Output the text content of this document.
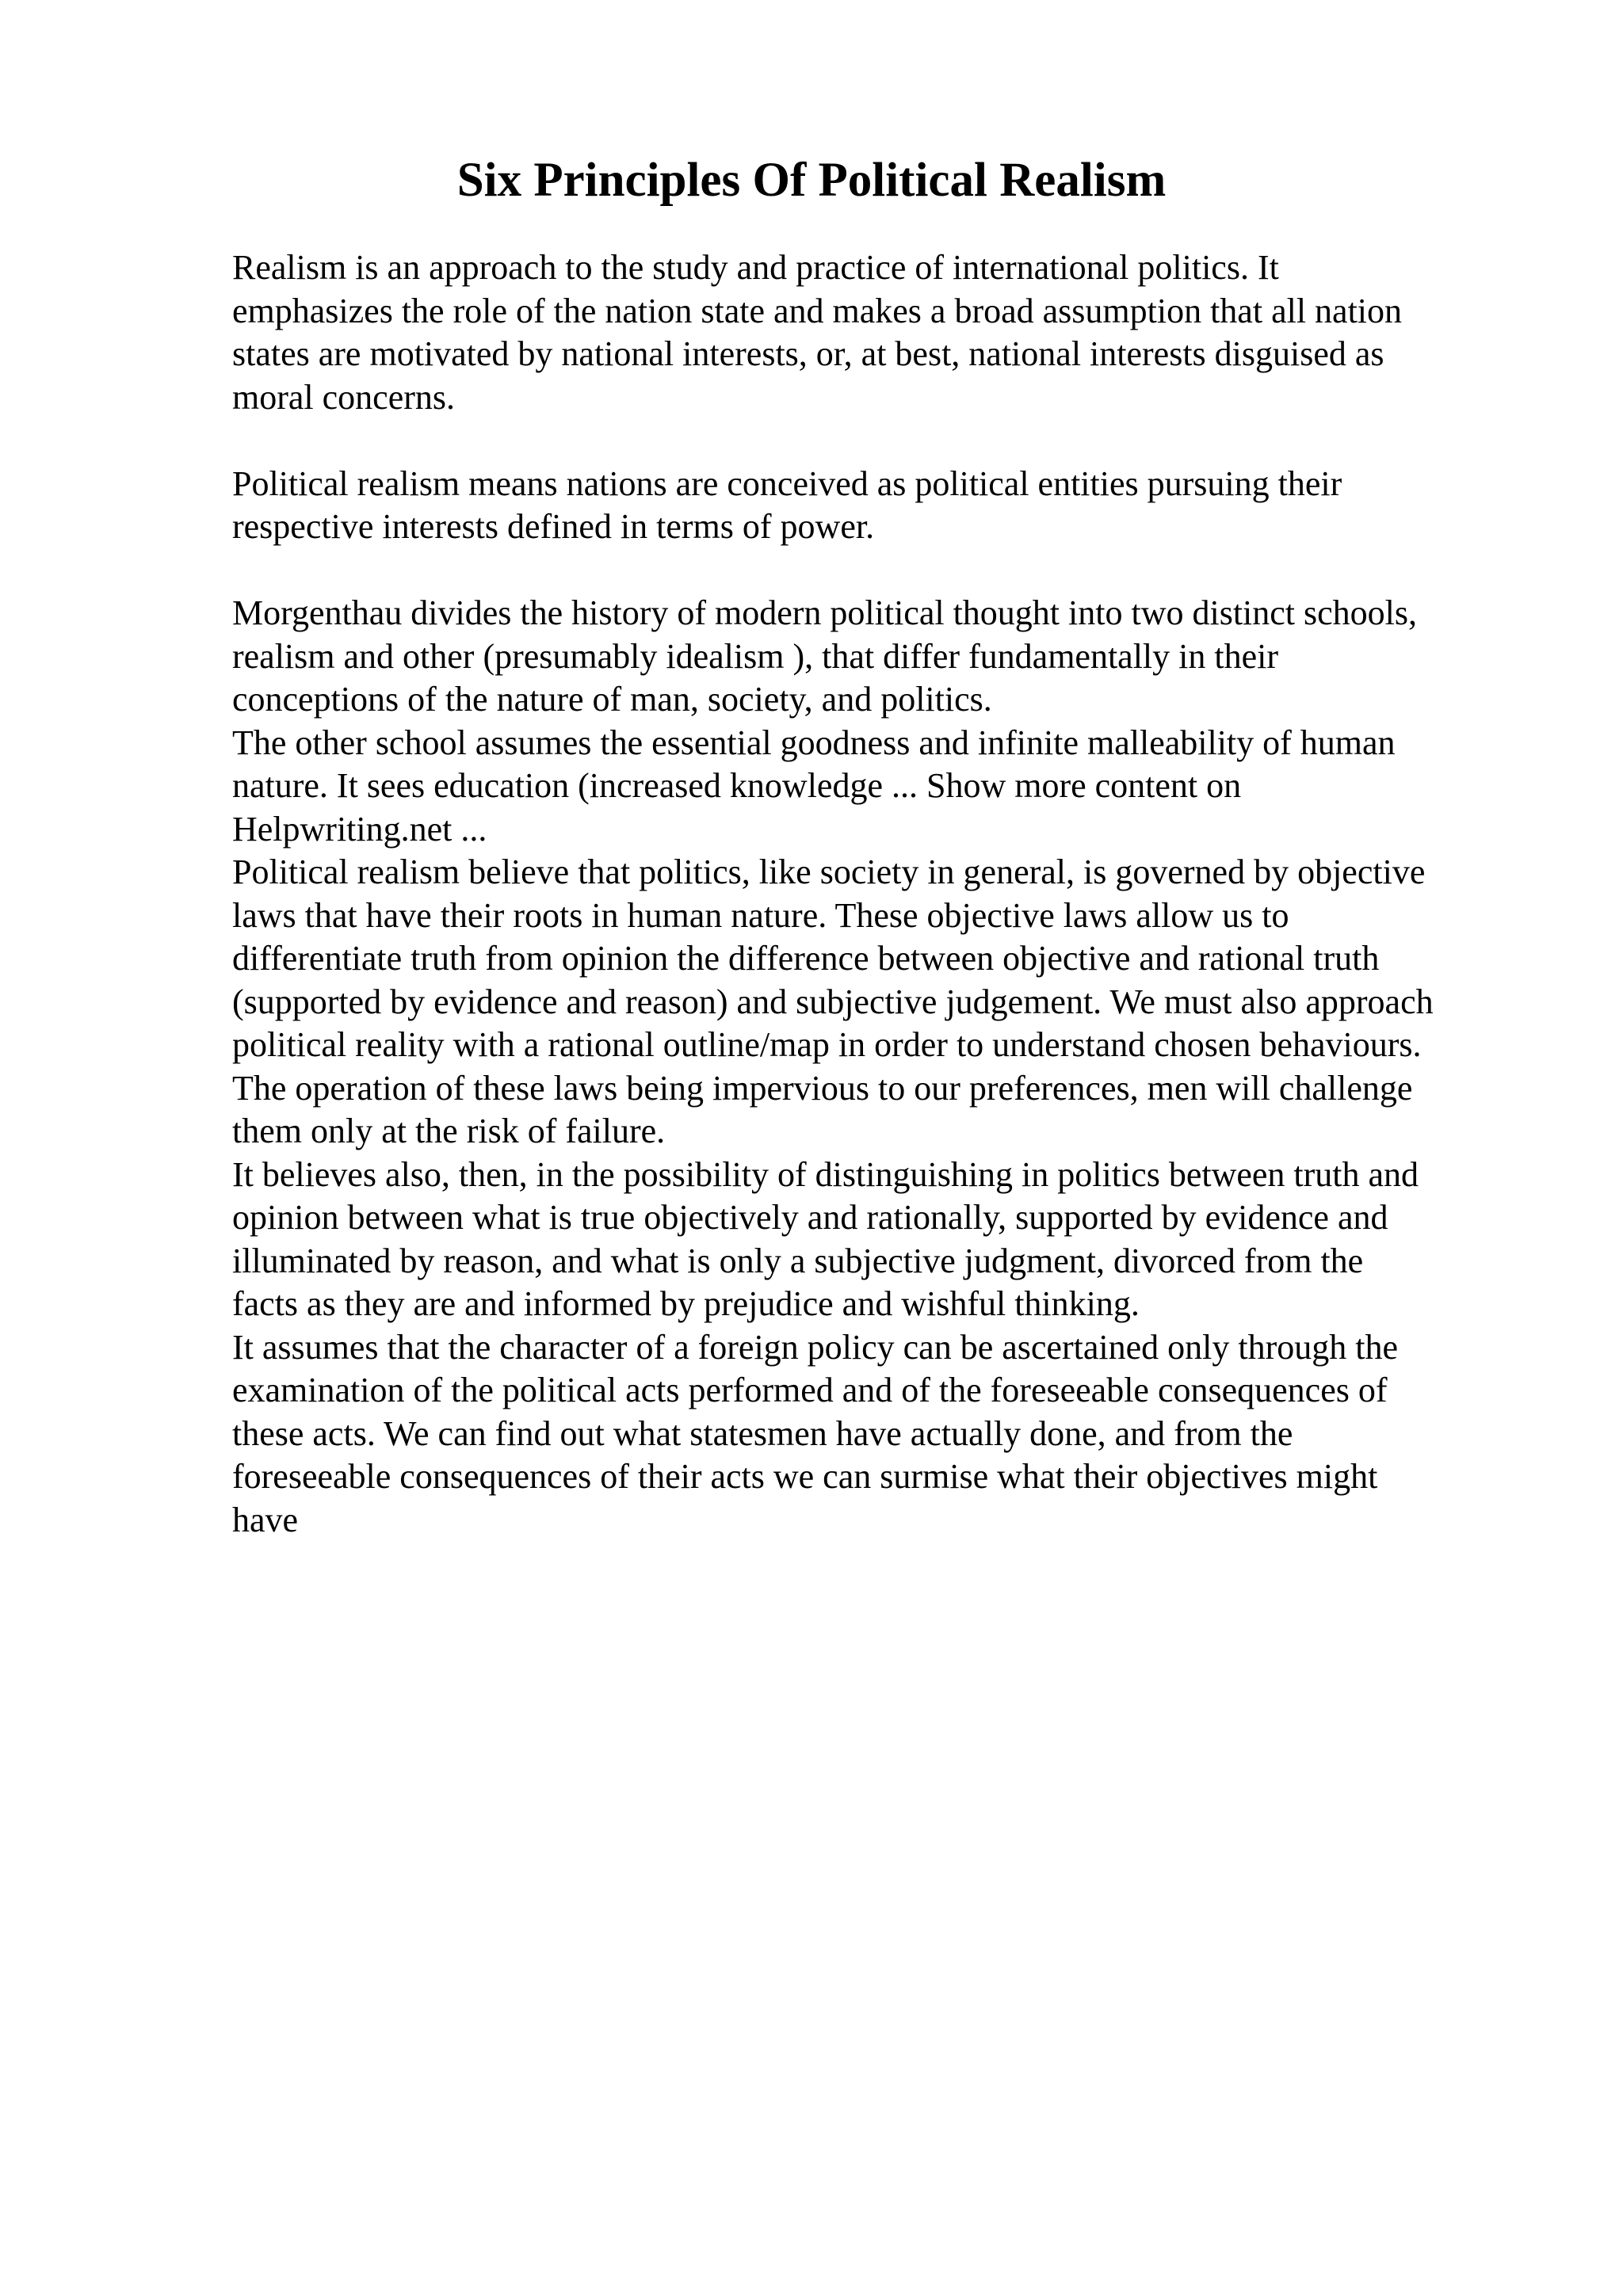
Six Principles Of Political Realism

Realism is an approach to the study and practice of international politics. It
emphasizes the role of the nation state and makes a broad assumption that all nation
states are motivated by national interests, or, at best, national interests disguised as
moral concerns.

Political realism means nations are conceived as political entities pursuing their
respective interests defined in terms of power.

Morgenthau divides the history of modern political thought into two distinct schools,
realism and other (presumably idealism ), that differ fundamentally in their
conceptions of the nature of man, society, and politics.

The other school assumes the essential goodness and infinite malleability of human
nature. It sees education (increased knowledge ... Show more content on
Helpwriting.net ...

Political realism believe that politics, like society in general, is governed by objective
laws that have their roots in human nature. These objective laws allow us to
differentiate truth from opinion the difference between objective and rational truth
(supported by evidence and reason) and subjective judgement. We must also approach
political reality with a rational outline/map in order to understand chosen behaviours.
The operation of these laws being impervious to our preferences, men will challenge
them only at the risk of failure.

It believes also, then, in the possibility of distinguishing in politics between truth and
opinion between what is true objectively and rationally, supported by evidence and
illuminated by reason, and what is only a subjective judgment, divorced from the
facts as they are and informed by prejudice and wishful thinking.

It assumes that the character of a foreign policy can be ascertained only through the
examination of the political acts performed and of the foreseeable consequences of
these acts. We can find out what statesmen have actually done, and from the
foreseeable consequences of their acts we can surmise what their objectives might
have
